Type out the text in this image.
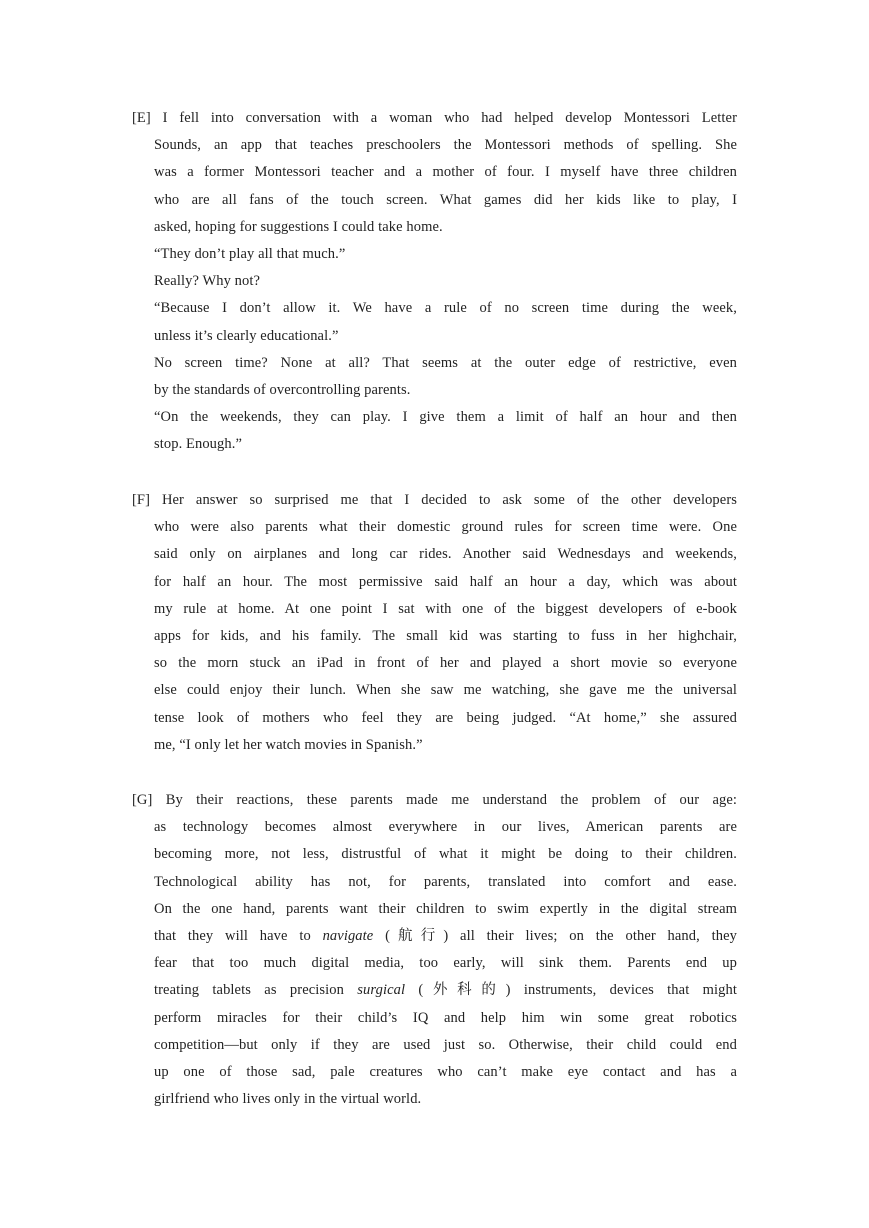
[E] I fell into conversation with a woman who had helped develop Montessori Letter
Sounds, an app that teaches preschoolers the Montessori methods of spelling. She
was a former Montessori teacher and a mother of four. I myself have three children
who are all fans of the touch screen. What games did her kids like to play, I
asked, hoping for suggestions I could take home.
“They don’t play all that much.”
Really? Why not?
“Because I don’t allow it. We have a rule of no screen time during the week,
unless it’s clearly educational.”
No screen time? None at all? That seems at the outer edge of restrictive, even
by the standards of overcontrolling parents.
“On the weekends, they can play. I give them a limit of half an hour and then
stop. Enough.”
[F] Her answer so surprised me that I decided to ask some of the other developers
who were also parents what their domestic ground rules for screen time were. One
said only on airplanes and long car rides. Another said Wednesdays and weekends,
for half an hour. The most permissive said half an hour a day, which was about
my rule at home. At one point I sat with one of the biggest developers of e-book
apps for kids, and his family. The small kid was starting to fuss in her highchair,
so the morn stuck an iPad in front of her and played a short movie so everyone
else could enjoy their lunch. When she saw me watching, she gave me the universal
tense look of mothers who feel they are being judged. “At home,” she assured
me, “I only let her watch movies in Spanish.”
[G] By their reactions, these parents made me understand the problem of our age:
as technology becomes almost everywhere in our lives, American parents are
becoming more, not less, distrustful of what it might be doing to their children.
Technological ability has not, for parents, translated into comfort and ease.
On the one hand, parents want their children to swim expertly in the digital stream
that they will have to navigate (航行) all their lives; on the other hand, they
fear that too much digital media, too early, will sink them. Parents end up
treating tablets as precision surgical (外科的) instruments, devices that might
perform miracles for their child’s IQ and help him win some great robotics
competition—but only if they are used just so. Otherwise, their child could end
up one of those sad, pale creatures who can’t make eye contact and has a
girlfriend who lives only in the virtual world.
